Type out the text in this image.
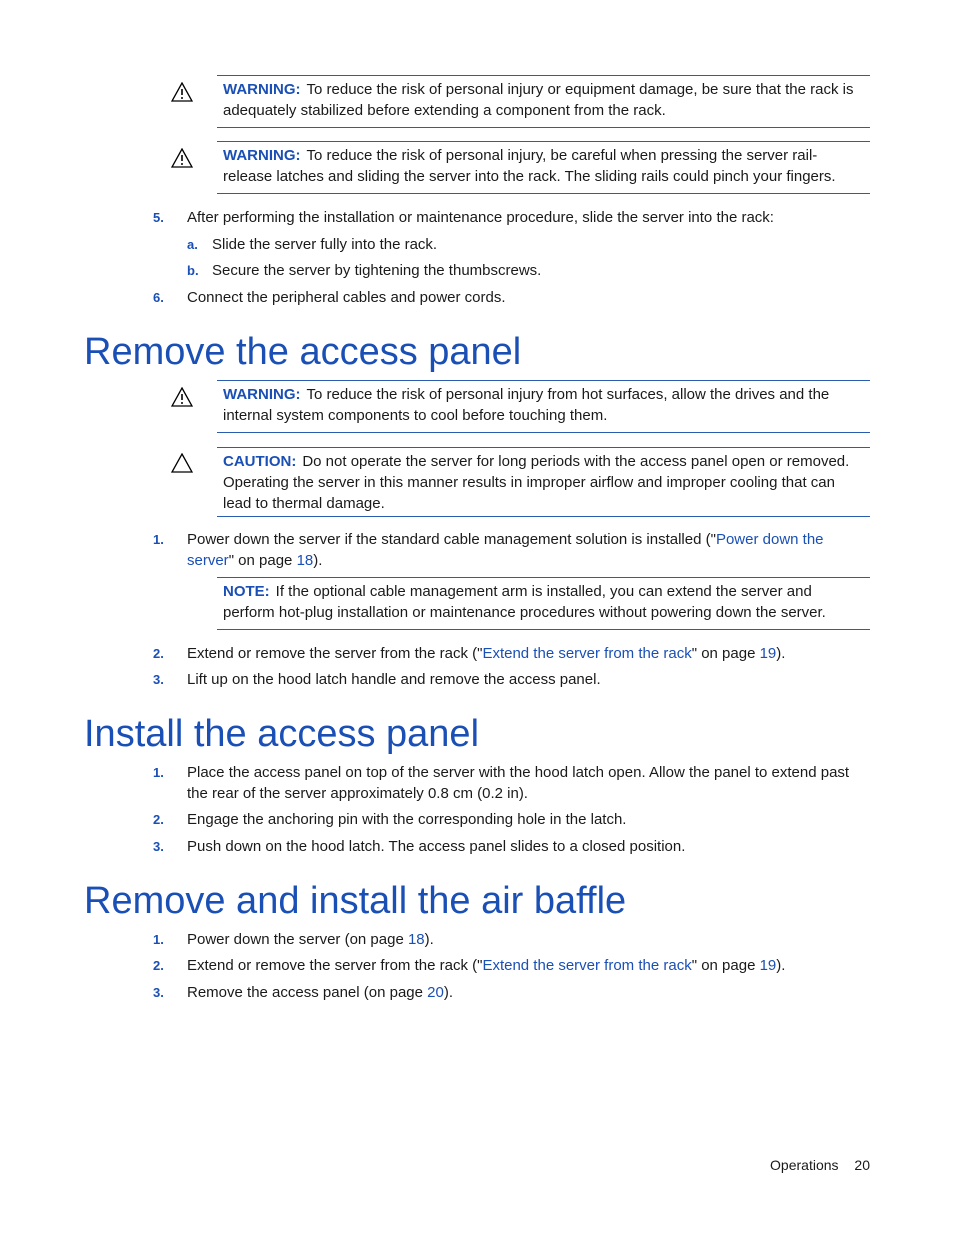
WARNING: To reduce the risk of personal injury or equipment damage, be sure that the rack is adequately stabilized before extending a component from the rack.
WARNING: To reduce the risk of personal injury, be careful when pressing the server rail-release latches and sliding the server into the rack. The sliding rails could pinch your fingers.
5. After performing the installation or maintenance procedure, slide the server into the rack:
a. Slide the server fully into the rack.
b. Secure the server by tightening the thumbscrews.
6. Connect the peripheral cables and power cords.
Remove the access panel
WARNING: To reduce the risk of personal injury from hot surfaces, allow the drives and the internal system components to cool before touching them.
CAUTION: Do not operate the server for long periods with the access panel open or removed. Operating the server in this manner results in improper airflow and improper cooling that can lead to thermal damage.
1. Power down the server if the standard cable management solution is installed ("Power down the server" on page 18).
NOTE: If the optional cable management arm is installed, you can extend the server and perform hot-plug installation or maintenance procedures without powering down the server.
2. Extend or remove the server from the rack ("Extend the server from the rack" on page 19).
3. Lift up on the hood latch handle and remove the access panel.
Install the access panel
1. Place the access panel on top of the server with the hood latch open. Allow the panel to extend past the rear of the server approximately 0.8 cm (0.2 in).
2. Engage the anchoring pin with the corresponding hole in the latch.
3. Push down on the hood latch. The access panel slides to a closed position.
Remove and install the air baffle
1. Power down the server (on page 18).
2. Extend or remove the server from the rack ("Extend the server from the rack" on page 19).
3. Remove the access panel (on page 20).
Operations 20
